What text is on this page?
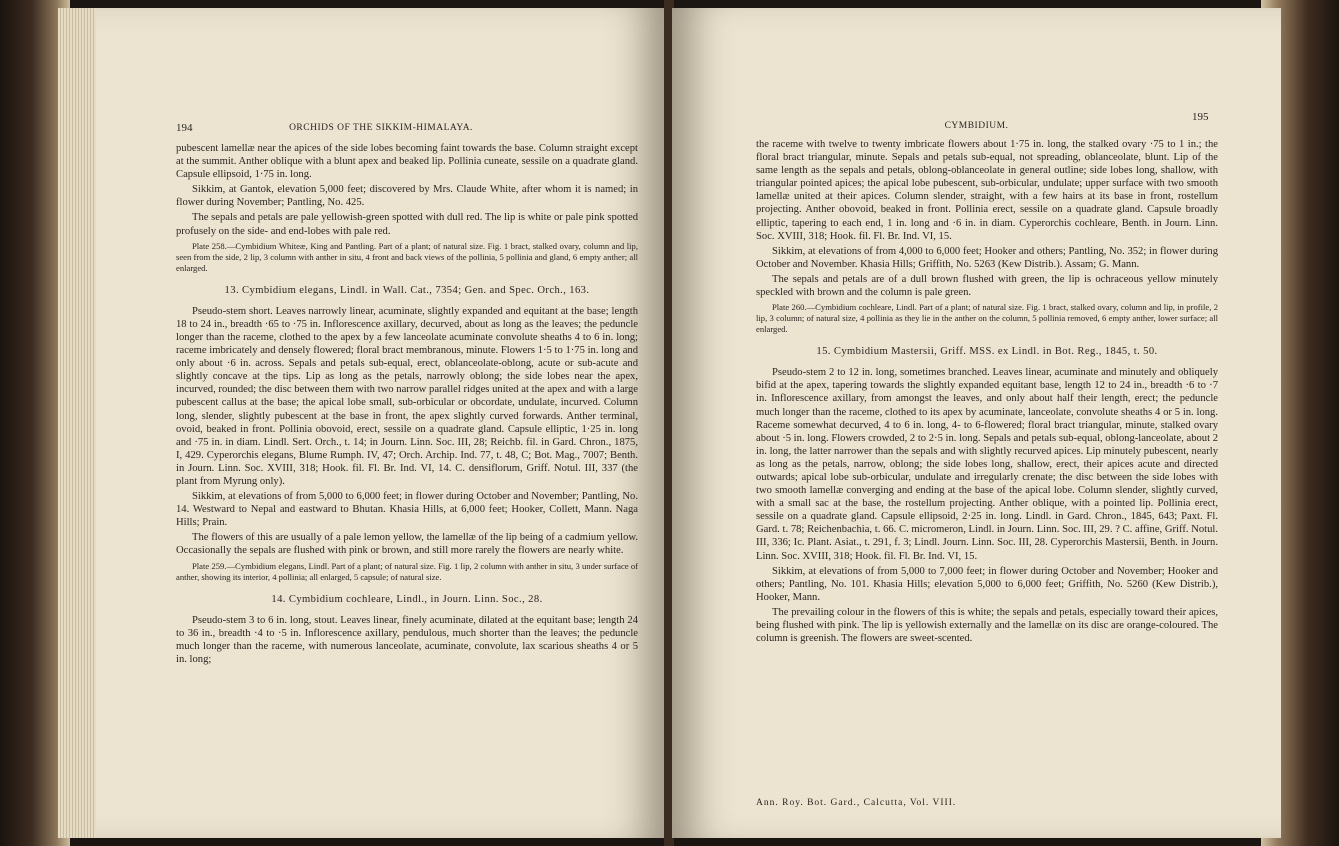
194	ORCHIDS OF THE SIKKIM-HIMALAYA.

pubescent lamellæ near the apices of the side lobes becoming faint towards the base. Column straight except at the summit. Anther oblique with a blunt apex and beaked lip. Pollinia cuneate, sessile on a quadrate gland. Capsule ellipsoid, 1·75 in. long.

Sikkim, at Gantok, elevation 5,000 feet; discovered by Mrs. Claude White, after whom it is named; in flower during November; Pantling, No. 425.

The sepals and petals are pale yellowish-green spotted with dull red. The lip is white or pale pink spotted profusely on the side- and end-lobes with pale red.

Plate 258.—Cymbidium Whiteæ, King and Pantling. Part of a plant; of natural size. Fig. 1 bract, stalked ovary, column and lip, seen from the side, 2 lip, 3 column with anther in situ, 4 front and back views of the pollinia, 5 pollinia and gland, 6 empty anther; all enlarged.

13. Cymbidium elegans, Lindl. in Wall. Cat., 7354; Gen. and Spec. Orch., 163.

Pseudo-stem short. Leaves narrowly linear, acuminate, slightly expanded and equitant at the base; length 18 to 24 in., breadth ·65 to ·75 in. Inflorescence axillary, decurved, about as long as the leaves; the peduncle longer than the raceme, clothed to the apex by a few lanceolate acuminate convolute sheaths 4 to 6 in. long; raceme imbricately and densely flowered; floral bract membranous, minute. Flowers 1·5 to 1·75 in. long and only about ·6 in. across. Sepals and petals sub-equal, erect, oblanceolate-oblong, acute or sub-acute and slightly concave at the tips. Lip as long as the petals, narrowly oblong; the side lobes near the apex, incurved, rounded; the disc between them with two narrow parallel ridges united at the apex and with a large pubescent callus at the base; the apical lobe small, sub-orbicular or obcordate, undulate, incurved. Column long, slender, slightly pubescent at the base in front, the apex slightly curved forwards. Anther terminal, ovoid, beaked in front. Pollinia obovoid, erect, sessile on a quadrate gland. Capsule elliptic, 1·25 in. long and ·75 in. in diam. Lindl. Sert. Orch., t. 14; in Journ. Linn. Soc. III, 28; Reichb. fil. in Gard. Chron., 1875, I, 429. Cyperorchis elegans, Blume Rumph. IV, 47; Orch. Archip. Ind. 77, t. 48, C; Bot. Mag., 7007; Benth. in Journ. Linn. Soc. XVIII, 318; Hook. fil. Fl. Br. Ind. VI, 14. C. densiflorum, Griff. Notul. III, 337 (the plant from Myrung only).

Sikkim, at elevations of from 5,000 to 6,000 feet; in flower during October and November; Pantling, No. 14. Westward to Nepal and eastward to Bhutan. Khasia Hills, at 6,000 feet; Hooker, Collett, Mann. Naga Hills; Prain.

The flowers of this are usually of a pale lemon yellow, the lamellæ of the lip being of a cadmium yellow. Occasionally the sepals are flushed with pink or brown, and still more rarely the flowers are nearly white.

Plate 259.—Cymbidium elegans, Lindl. Part of a plant; of natural size. Fig. 1 lip, 2 column with anther in situ, 3 under surface of anther, showing its interior, 4 pollinia; all enlarged, 5 capsule; of natural size.

14. Cymbidium cochleare, Lindl., in Journ. Linn. Soc., 28.

Pseudo-stem 3 to 6 in. long, stout. Leaves linear, finely acuminate, dilated at the equitant base; length 24 to 36 in., breadth ·4 to ·5 in. Inflorescence axillary, pendulous, much shorter than the leaves; the peduncle much longer than the raceme, with numerous lanceolate, acuminate, convolute, lax scarious sheaths 4 or 5 in. long;

CYMBIDIUM.
195

the raceme with twelve to twenty imbricate flowers about 1·75 in. long, the stalked ovary ·75 to 1 in.; the floral bract triangular, minute. Sepals and petals sub-equal, not spreading, oblanceolate, blunt. Lip of the same length as the sepals and petals, oblong-oblanceolate in general outline; side lobes long, shallow, with triangular pointed apices; the apical lobe pubescent, sub-orbicular, undulate; upper surface with two smooth lamellæ united at their apices. Column slender, straight, with a few hairs at its base in front, rostellum projecting. Anther obovoid, beaked in front. Pollinia erect, sessile on a quadrate gland. Capsule broadly elliptic, tapering to each end, 1 in. long and ·6 in. in diam. Cyperorchis cochleare, Benth. in Journ. Linn. Soc. XVIII, 318; Hook. fil. Fl. Br. Ind. VI, 15.

Sikkim, at elevations of from 4,000 to 6,000 feet; Hooker and others; Pantling, No. 352; in flower during October and November. Khasia Hills; Griffith, No. 5263 (Kew Distrib.). Assam; G. Mann.

The sepals and petals are of a dull brown flushed with green, the lip is ochraceous yellow minutely speckled with brown and the column is pale green.

Plate 260.—Cymbidium cochleare, Lindl. Part of a plant; of natural size. Fig. 1 bract, stalked ovary, column and lip, in profile, 2 lip, 3 column; of natural size, 4 pollinia as they lie in the anther on the column, 5 pollinia removed, 6 empty anther, lower surface; all enlarged.

15. Cymbidium Mastersii, Griff. MSS. ex Lindl. in Bot. Reg., 1845, t. 50.

Pseudo-stem 2 to 12 in. long, sometimes branched. Leaves linear, acuminate and minutely and obliquely bifid at the apex, tapering towards the slightly expanded equitant base, length 12 to 24 in., breadth ·6 to ·7 in. Inflorescence axillary, from amongst the leaves, and only about half their length, erect; the peduncle much longer than the raceme, clothed to its apex by acuminate, lanceolate, convolute sheaths 4 or 5 in. long. Raceme somewhat decurved, 4 to 6 in. long, 4- to 6-flowered; floral bract triangular, minute, stalked ovary about ·5 in. long. Flowers crowded, 2 to 2·5 in. long. Sepals and petals sub-equal, oblong-lanceolate, about 2 in. long, the latter narrower than the sepals and with slightly recurved apices. Lip minutely pubescent, nearly as long as the petals, narrow, oblong; the side lobes long, shallow, erect, their apices acute and directed outwards; apical lobe sub-orbicular, undulate and irregularly crenate; the disc between the side lobes with two smooth lamellæ converging and ending at the base of the apical lobe. Column slender, slightly curved, with a small sac at the base, the rostellum projecting. Anther oblique, with a pointed lip. Pollinia erect, sessile on a quadrate gland. Capsule ellipsoid, 2·25 in. long. Lindl. in Gard. Chron., 1845, 643; Paxt. Fl. Gard. t. 78; Reichenbachia, t. 66. C. micromeron, Lindl. in Journ. Linn. Soc. III, 29. ? C. affine, Griff. Notul. III, 336; Ic. Plant. Asiat., t. 291, f. 3; Lindl. Journ. Linn. Soc. III, 28. Cyperorchis Mastersii, Benth. in Journ. Linn. Soc. XVIII, 318; Hook. fil. Fl. Br. Ind. VI, 15.

Sikkim, at elevations of from 5,000 to 7,000 feet; in flower during October and November; Hooker and others; Pantling, No. 101. Khasia Hills; elevation 5,000 to 6,000 feet; Griffith, No. 5260 (Kew Distrib.), Hooker, Mann.

The prevailing colour in the flowers of this is white; the sepals and petals, especially toward their apices, being flushed with pink. The lip is yellowish externally and the lamellæ on its disc are orange-coloured. The column is greenish. The flowers are sweet-scented.

Ann. Roy. Bot. Gard., Calcutta, Vol. VIII.
